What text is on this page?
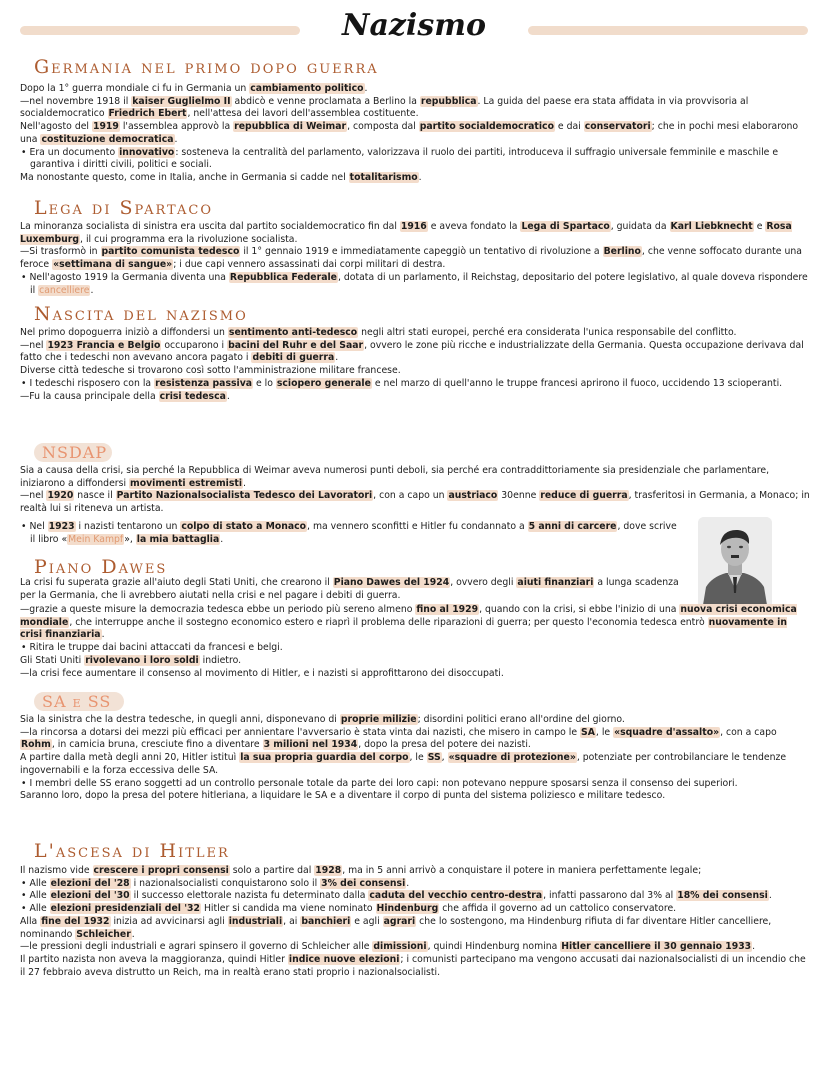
Nazismo
Germania nel primo dopo guerra

Dopo la 1° guerra mondiale ci fu in Germania un cambiamento politico.

—nel novembre 1918 il kaiser Guglielmo II abdicò e venne proclamata a Berlino la repubblica. La guida del paese era stata affidata in via provvisoria al socialdemocratico Friedrich Ebert, nell'attesa dei lavori dell'assemblea costituente.

Nell'agosto del 1919 l'assemblea approvò la repubblica di Weimar, composta dal partito socialdemocratico e dai conservatori; che in pochi mesi elaborarono una costituzione democratica.

• Era un documento innovativo: sosteneva la centralità del parlamento, valorizzava il ruolo dei partiti, introduceva il suffragio universale femminile e maschile e garantiva i diritti civili, politici e sociali.

Ma nonostante questo, come in Italia, anche in Germania si cadde nel totalitarismo.

Lega di Spartaco

La minoranza socialista di sinistra era uscita dal partito socialdemocratico fin dal 1916 e aveva fondato la Lega di Spartaco, guidata da Karl Liebknecht e Rosa Luxemburg, il cui programma era la rivoluzione socialista.

—Si trasformò in partito comunista tedesco il 1° gennaio 1919 e immediatamente capeggiò un tentativo di rivoluzione a Berlino, che venne soffocato durante una feroce «settimana di sangue»; i due capi vennero assassinati dai corpi militari di destra.

• Nell'agosto 1919 la Germania diventa una Repubblica Federale, dotata di un parlamento, il Reichstag, depositario del potere legislativo, al quale doveva rispondere il cancelliere.

Nascita del nazismo

Nel primo dopoguerra iniziò a diffondersi un sentimento anti-tedesco negli altri stati europei, perché era considerata l'unica responsabile del conflitto.

—nel 1923 Francia e Belgio occuparono i bacini del Ruhr e del Saar, ovvero le zone più ricche e industrializzate della Germania. Questa occupazione derivava dal fatto che i tedeschi non avevano ancora pagato i debiti di guerra.

Diverse città tedesche si trovarono così sotto l'amministrazione militare francese.

• I tedeschi risposero con la resistenza passiva e lo sciopero generale e nel marzo di quell'anno le truppe francesi aprirono il fuoco, uccidendo 13 scioperanti.

—Fu la causa principale della crisi tedesca.

NSDAP

Sia a causa della crisi, sia perché la Repubblica di Weimar aveva numerosi punti deboli, sia perché era contraddittoriamente sia presidenziale che parlamentare, iniziarono a diffondersi movimenti estremisti.

—nel 1920 nasce il Partito Nazionalsocialista Tedesco dei Lavoratori, con a capo un austriaco 30enne reduce di guerra, trasferitosi in Germania, a Monaco; in realtà lui si riteneva un artista.

• Nel 1923 i nazisti tentarono un colpo di stato a Monaco, ma vennero sconfitti e Hitler fu condannato a 5 anni di carcere, dove scrive il libro «Mein Kampf», la mia battaglia.

Piano Dawes

La crisi fu superata grazie all'aiuto degli Stati Uniti, che crearono il Piano Dawes del 1924, ovvero degli aiuti finanziari a lunga scadenza per la Germania, che li avrebbero aiutati nella crisi e nel pagare i debiti di guerra.

—grazie a queste misure la democrazia tedesca ebbe un periodo più sereno almeno fino al 1929, quando con la crisi, si ebbe l'inizio di una nuova crisi economica mondiale, che interruppe anche il sostegno economico estero e riaprì il problema delle riparazioni di guerra; per questo l'economia tedesca entrò nuovamente in crisi finanziaria.

• Ritira le truppe dai bacini attaccati da francesi e belgi.

Gli Stati Uniti rivolevano i loro soldi indietro.

—la crisi fece aumentare il consenso al movimento di Hitler, e i nazisti si approfittarono dei disoccupati.

SA e SS

Sia la sinistra che la destra tedesche, in quegli anni, disponevano di proprie milizie; disordini politici erano all'ordine del giorno.

—la rincorsa a dotarsi dei mezzi più efficaci per annientare l'avversario è stata vinta dai nazisti, che misero in campo le SA, le «squadre d'assalto», con a capo Rohm, in camicia bruna, cresciute fino a diventare 3 milioni nel 1934, dopo la presa del potere dei nazisti.

A partire dalla metà degli anni 20, Hitler istituì la sua propria guardia del corpo, le SS, «squadre di protezione», potenziate per controbilanciare le tendenze ingovernabili e la forza eccessiva delle SA.

• I membri delle SS erano soggetti ad un controllo personale totale da parte dei loro capi: non potevano neppure sposarsi senza il consenso dei superiori.

Saranno loro, dopo la presa del potere hitleriana, a liquidare le SA e a diventare il corpo di punta del sistema poliziesco e militare tedesco.

L'ascesa di Hitler

Il nazismo vide crescere i propri consensi solo a partire dal 1928, ma in 5 anni arrivò a conquistare il potere in maniera perfettamente legale;

• Alle elezioni del '28 i nazionalsocialisti conquistarono solo il 3% dei consensi.

• Alle elezioni del '30 il successo elettorale nazista fu determinato dalla caduta del vecchio centro-destra, infatti passarono dal 3% al 18% dei consensi.

• Alle elezioni presidenziali del '32 Hitler si candida ma viene nominato Hindenburg che affida il governo ad un cattolico conservatore.

Alla fine del 1932 inizia ad avvicinarsi agli industriali, ai banchieri e agli agrari che lo sostengono, ma Hindenburg rifiuta di far diventare Hitler cancelliere, nominando Schleicher.

—le pressioni degli industriali e agrari spinsero il governo di Schleicher alle dimissioni, quindi Hindenburg nomina Hitler cancelliere il 30 gennaio 1933.

Il partito nazista non aveva la maggioranza, quindi Hitler indice nuove elezioni; i comunisti partecipano ma vengono accusati dai nazionalsocialisti di un incendio che il 27 febbraio aveva distrutto un Reich, ma in realtà erano stati proprio i nazionalsocialisti.
